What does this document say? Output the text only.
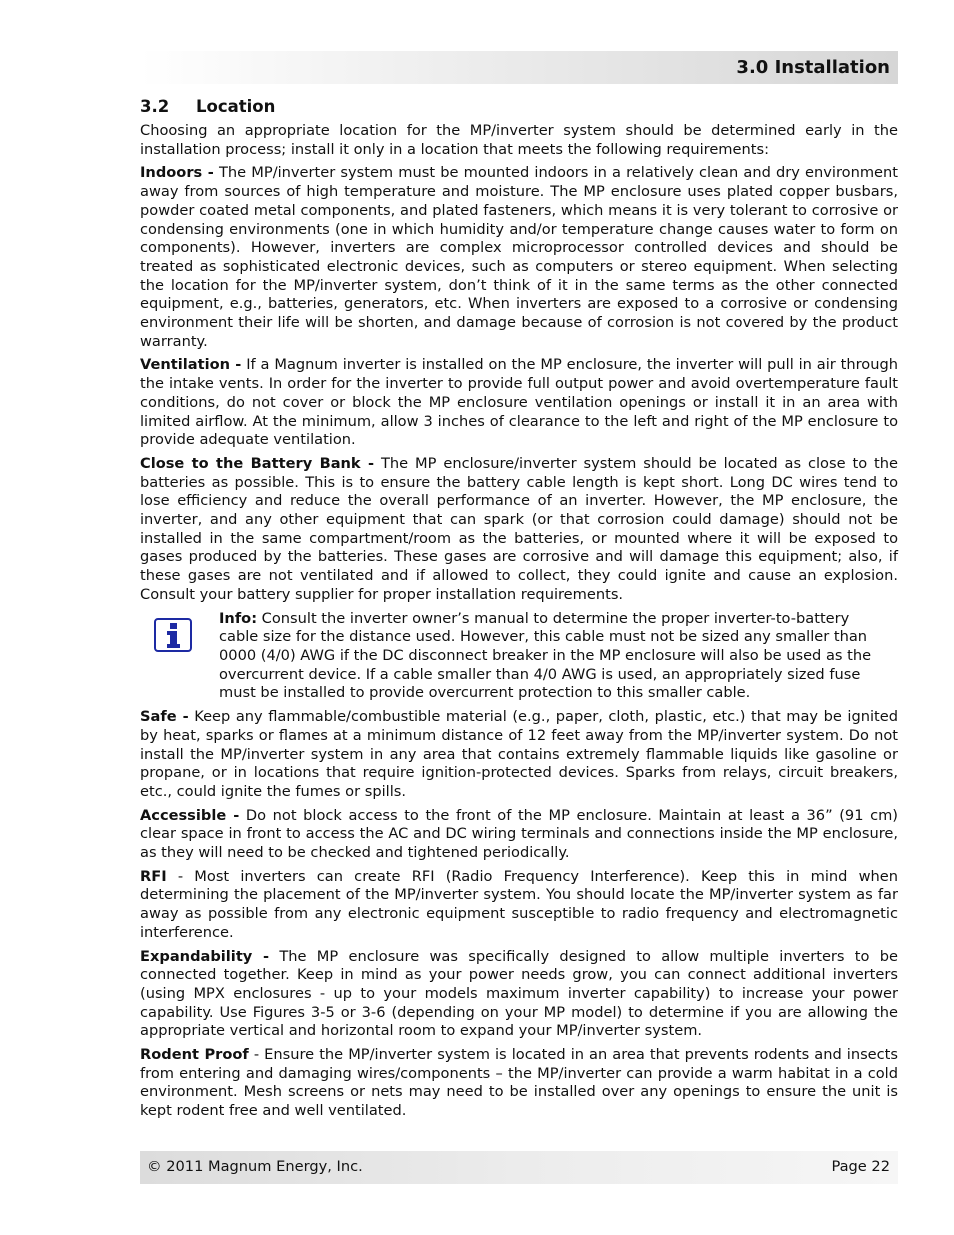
3.0 Installation
3.2 Location

Choosing an appropriate location for the MP/inverter system should be determined early in the installation process; install it only in a location that meets the following requirements:

Indoors - The MP/inverter system must be mounted indoors in a relatively clean and dry environment away from sources of high temperature and moisture. The MP enclosure uses plated copper busbars, powder coated metal components, and plated fasteners, which means it is very tolerant to corrosive or condensing environments (one in which humidity and/or temperature change causes water to form on components). However, inverters are complex microprocessor controlled devices and should be treated as sophisticated electronic devices, such as computers or stereo equipment. When selecting the location for the MP/inverter system, don’t think of it in the same terms as the other connected equipment, e.g., batteries, generators, etc. When inverters are exposed to a corrosive or condensing environment their life will be shorten, and damage because of corrosion is not covered by the product warranty.

Ventilation - If a Magnum inverter is installed on the MP enclosure, the inverter will pull in air through the intake vents. In order for the inverter to provide full output power and avoid overtemperature fault conditions, do not cover or block the MP enclosure ventilation openings or install it in an area with limited airflow. At the minimum, allow 3 inches of clearance to the left and right of the MP enclosure to provide adequate ventilation.

Close to the Battery Bank - The MP enclosure/inverter system should be located as close to the batteries as possible. This is to ensure the battery cable length is kept short. Long DC wires tend to lose efficiency and reduce the overall performance of an inverter. However, the MP enclosure, the inverter, and any other equipment that can spark (or that corrosion could damage) should not be installed in the same compartment/room as the batteries, or mounted where it will be exposed to gases produced by the batteries. These gases are corrosive and will damage this equipment; also, if these gases are not ventilated and if allowed to collect, they could ignite and cause an explosion. Consult your battery supplier for proper installation requirements.

Info: Consult the inverter owner’s manual to determine the proper inverter-to-battery cable size for the distance used. However, this cable must not be sized any smaller than 0000 (4/0) AWG if the DC disconnect breaker in the MP enclosure will also be used as the overcurrent device. If a cable smaller than 4/0 AWG is used, an appropriately sized fuse must be installed to provide overcurrent protection to this smaller cable.

Safe - Keep any flammable/combustible material (e.g., paper, cloth, plastic, etc.) that may be ignited by heat, sparks or flames at a minimum distance of 12 feet away from the MP/inverter system. Do not install the MP/inverter system in any area that contains extremely flammable liquids like gasoline or propane, or in locations that require ignition-protected devices. Sparks from relays, circuit breakers, etc., could ignite the fumes or spills.

Accessible - Do not block access to the front of the MP enclosure. Maintain at least a 36” (91 cm) clear space in front to access the AC and DC wiring terminals and connections inside the MP enclosure, as they will need to be checked and tightened periodically.

RFI - Most inverters can create RFI (Radio Frequency Interference). Keep this in mind when determining the placement of the MP/inverter system. You should locate the MP/inverter system as far away as possible from any electronic equipment susceptible to radio frequency and electromagnetic interference.

Expandability - The MP enclosure was specifically designed to allow multiple inverters to be connected together. Keep in mind as your power needs grow, you can connect additional inverters (using MPX enclosures - up to your models maximum inverter capability) to increase your power capability. Use Figures 3-5 or 3-6 (depending on your MP model) to determine if you are allowing the appropriate vertical and horizontal room to expand your MP/inverter system.

Rodent Proof - Ensure the MP/inverter system is located in an area that prevents rodents and insects from entering and damaging wires/components – the MP/inverter can provide a warm habitat in a cold environment. Mesh screens or nets may need to be installed over any openings to ensure the unit is kept rodent free and well ventilated.

© 2011 Magnum Energy, Inc.	Page 22
